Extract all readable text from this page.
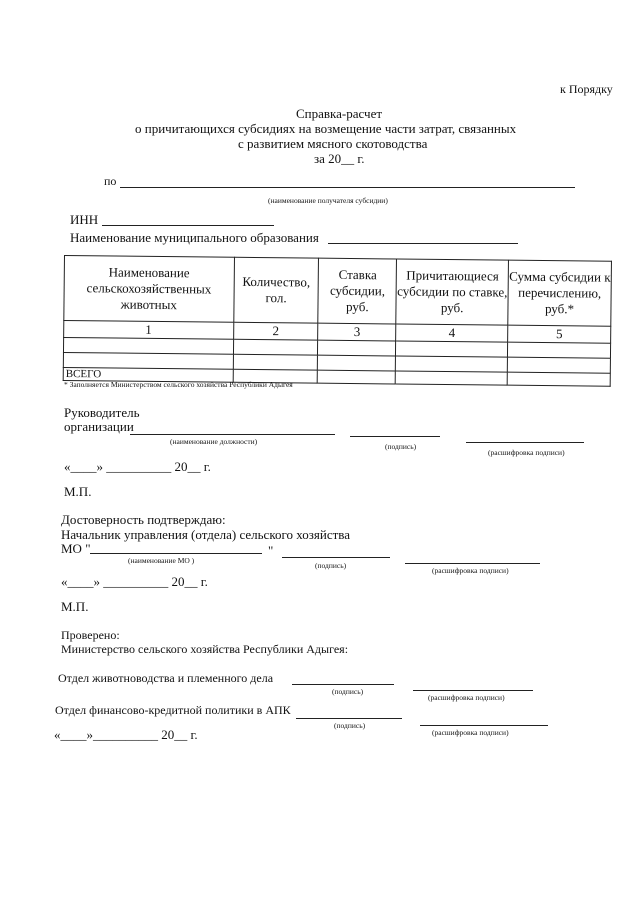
к Порядку
Справка-расчет
о причитающихся субсидиях на возмещение части затрат, связанных
с развитием мясного скотоводства
за 20__ г.
по
(наименование получателя субсидии)
ИНН
Наименование муниципального образования
Наименование сельскохозяйственных животных	Количество, гол.	Ставка субсидии, руб.	Причитающиеся субсидии по ставке, руб.	Сумма субсидии к перечислению, руб.*
1	2	3	4	5

ВСЕГО				
* Заполняется Министерством сельского хозяйства Республики Адыгея
Руководитель
организации
(наименование должности)
(подпись)
(расшифровка подписи)
«____» __________ 20__ г.
М.П.
Достоверность подтверждаю:
Начальник управления (отдела) сельского хозяйства
МО "	"
(наименование МО )
(подпись)
(расшифровка подписи)
«____» __________ 20__ г.
М.П.
Проверено:
Министерство сельского хозяйства Республики Адыгея:
Отдел животноводства и племенного дела
(подпись)
(расшифровка подписи)
Отдел финансово-кредитной политики в АПК
(подпись)
(расшифровка подписи)
«____»__________ 20__ г.
